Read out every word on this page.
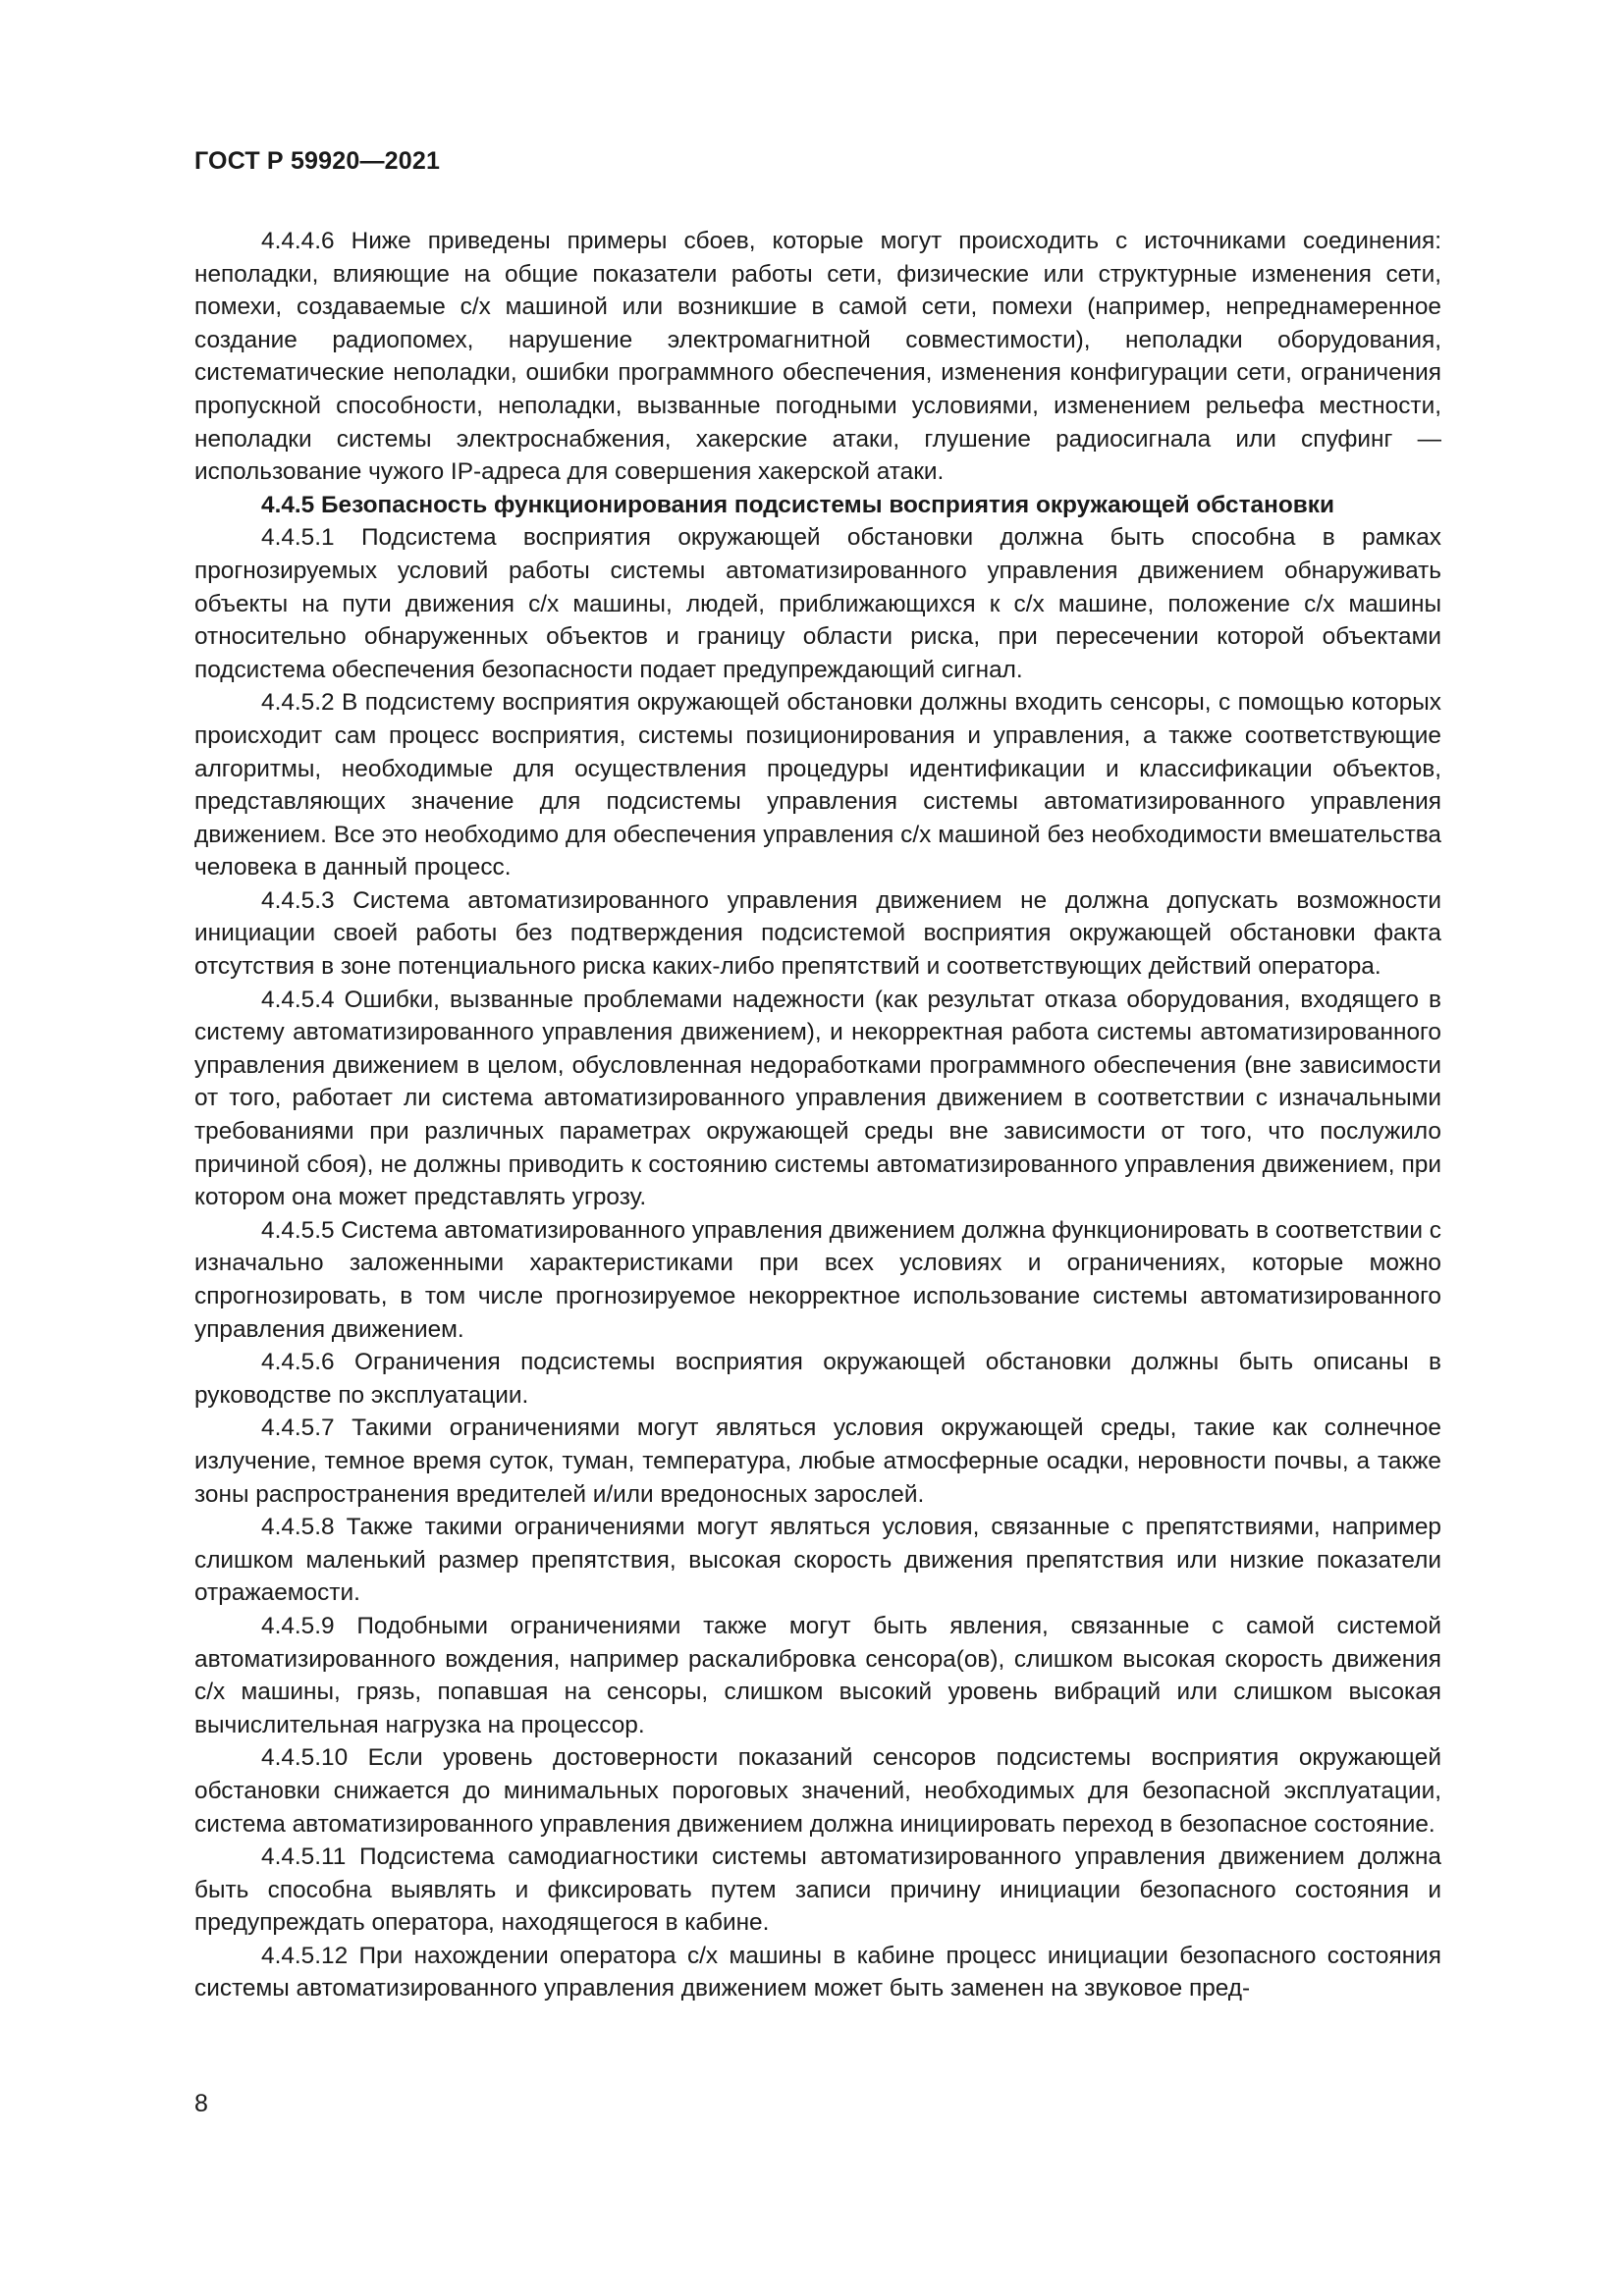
ГОСТ Р 59920—2021

4.4.4.6 Ниже приведены примеры сбоев, которые могут происходить с источниками соединения: неполадки, влияющие на общие показатели работы сети, физические или структурные изменения сети, помехи, создаваемые с/х машиной или возникшие в самой сети, помехи (например, непреднамеренное создание радиопомех, нарушение электромагнитной совместимости), неполадки оборудования, систематические неполадки, ошибки программного обеспечения, изменения конфигурации сети, ограничения пропускной способности, неполадки, вызванные погодными условиями, изменением рельефа местности, неполадки системы электроснабжения, хакерские атаки, глушение радиосигнала или спуфинг — использование чужого IP-адреса для совершения хакерской атаки.

4.4.5 Безопасность функционирования подсистемы восприятия окружающей обстановки

4.4.5.1 Подсистема восприятия окружающей обстановки должна быть способна в рамках прогнозируемых условий работы системы автоматизированного управления движением обнаруживать объекты на пути движения с/х машины, людей, приближающихся к с/х машине, положение с/х машины относительно обнаруженных объектов и границу области риска, при пересечении которой объектами подсистема обеспечения безопасности подает предупреждающий сигнал.

4.4.5.2 В подсистему восприятия окружающей обстановки должны входить сенсоры, с помощью которых происходит сам процесс восприятия, системы позиционирования и управления, а также соответствующие алгоритмы, необходимые для осуществления процедуры идентификации и классификации объектов, представляющих значение для подсистемы управления системы автоматизированного управления движением. Все это необходимо для обеспечения управления с/х машиной без необходимости вмешательства человека в данный процесс.

4.4.5.3 Система автоматизированного управления движением не должна допускать возможности инициации своей работы без подтверждения подсистемой восприятия окружающей обстановки факта отсутствия в зоне потенциального риска каких-либо препятствий и соответствующих действий оператора.

4.4.5.4 Ошибки, вызванные проблемами надежности (как результат отказа оборудования, входящего в систему автоматизированного управления движением), и некорректная работа системы автоматизированного управления движением в целом, обусловленная недоработками программного обеспечения (вне зависимости от того, работает ли система автоматизированного управления движением в соответствии с изначальными требованиями при различных параметрах окружающей среды вне зависимости от того, что послужило причиной сбоя), не должны приводить к состоянию системы автоматизированного управления движением, при котором она может представлять угрозу.

4.4.5.5 Система автоматизированного управления движением должна функционировать в соответствии с изначально заложенными характеристиками при всех условиях и ограничениях, которые можно спрогнозировать, в том числе прогнозируемое некорректное использование системы автоматизированного управления движением.

4.4.5.6 Ограничения подсистемы восприятия окружающей обстановки должны быть описаны в руководстве по эксплуатации.

4.4.5.7 Такими ограничениями могут являться условия окружающей среды, такие как солнечное излучение, темное время суток, туман, температура, любые атмосферные осадки, неровности почвы, а также зоны распространения вредителей и/или вредоносных зарослей.

4.4.5.8 Также такими ограничениями могут являться условия, связанные с препятствиями, например слишком маленький размер препятствия, высокая скорость движения препятствия или низкие показатели отражаемости.

4.4.5.9 Подобными ограничениями также могут быть явления, связанные с самой системой автоматизированного вождения, например раскалибровка сенсора(ов), слишком высокая скорость движения с/х машины, грязь, попавшая на сенсоры, слишком высокий уровень вибраций или слишком высокая вычислительная нагрузка на процессор.

4.4.5.10 Если уровень достоверности показаний сенсоров подсистемы восприятия окружающей обстановки снижается до минимальных пороговых значений, необходимых для безопасной эксплуатации, система автоматизированного управления движением должна инициировать переход в безопасное состояние.

4.4.5.11 Подсистема самодиагностики системы автоматизированного управления движением должна быть способна выявлять и фиксировать путем записи причину инициации безопасного состояния и предупреждать оператора, находящегося в кабине.

4.4.5.12 При нахождении оператора с/х машины в кабине процесс инициации безопасного состояния системы автоматизированного управления движением может быть заменен на звуковое пред-

8
